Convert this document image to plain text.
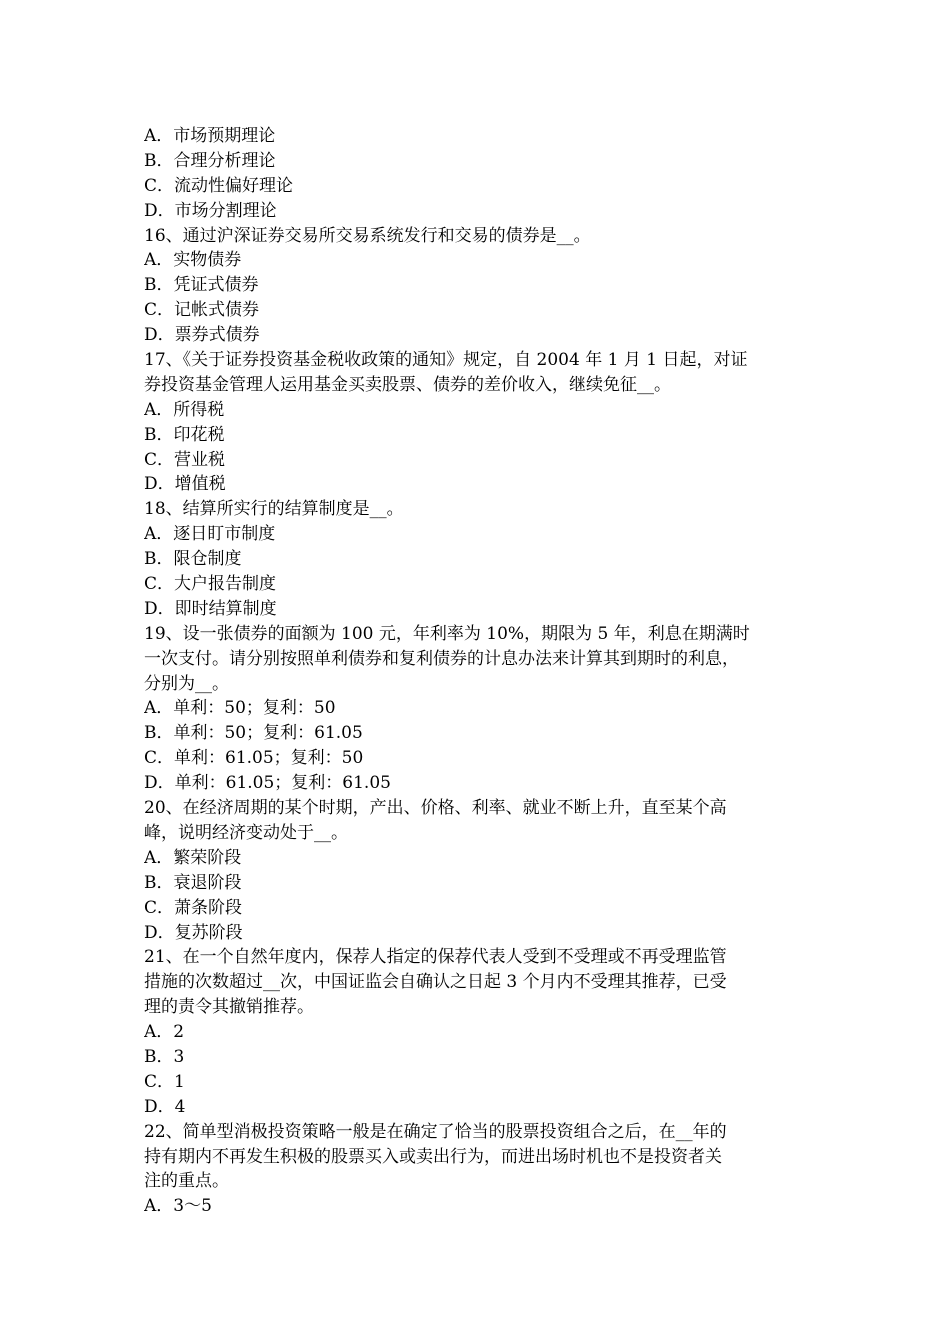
A．市场预期理论
B．合理分析理论
C．流动性偏好理论
D．市场分割理论
16、通过沪深证券交易所交易系统发行和交易的债券是__。
A．实物债券
B．凭证式债券
C．记帐式债券
D．票券式债券
17、《关于证券投资基金税收政策的通知》规定，自 2004 年 1 月 1 日起，对证
券投资基金管理人运用基金买卖股票、债券的差价收入，继续免征__。
A．所得税
B．印花税
C．营业税
D．增值税
18、结算所实行的结算制度是__。
A．逐日盯市制度
B．限仓制度
C．大户报告制度
D．即时结算制度
19、设一张债券的面额为 100 元，年利率为 10%，期限为 5 年，利息在期满时
一次支付。请分别按照单利债券和复利债券的计息办法来计算其到期时的利息，
分别为__。
A．单利：50；复利：50
B．单利：50；复利：61.05
C．单利：61.05；复利：50
D．单利：61.05；复利：61.05
20、在经济周期的某个时期，产出、价格、利率、就业不断上升，直至某个高
峰，说明经济变动处于__。
A．繁荣阶段
B．衰退阶段
C．萧条阶段
D．复苏阶段
21、在一个自然年度内，保荐人指定的保荐代表人受到不受理或不再受理监管
措施的次数超过__次，中国证监会自确认之日起 3 个月内不受理其推荐，已受
理的责令其撤销推荐。
A．2
B．3
C．1
D．4
22、简单型消极投资策略一般是在确定了恰当的股票投资组合之后，在__年的
持有期内不再发生积极的股票买入或卖出行为，而进出场时机也不是投资者关
注的重点。
A．3～5
